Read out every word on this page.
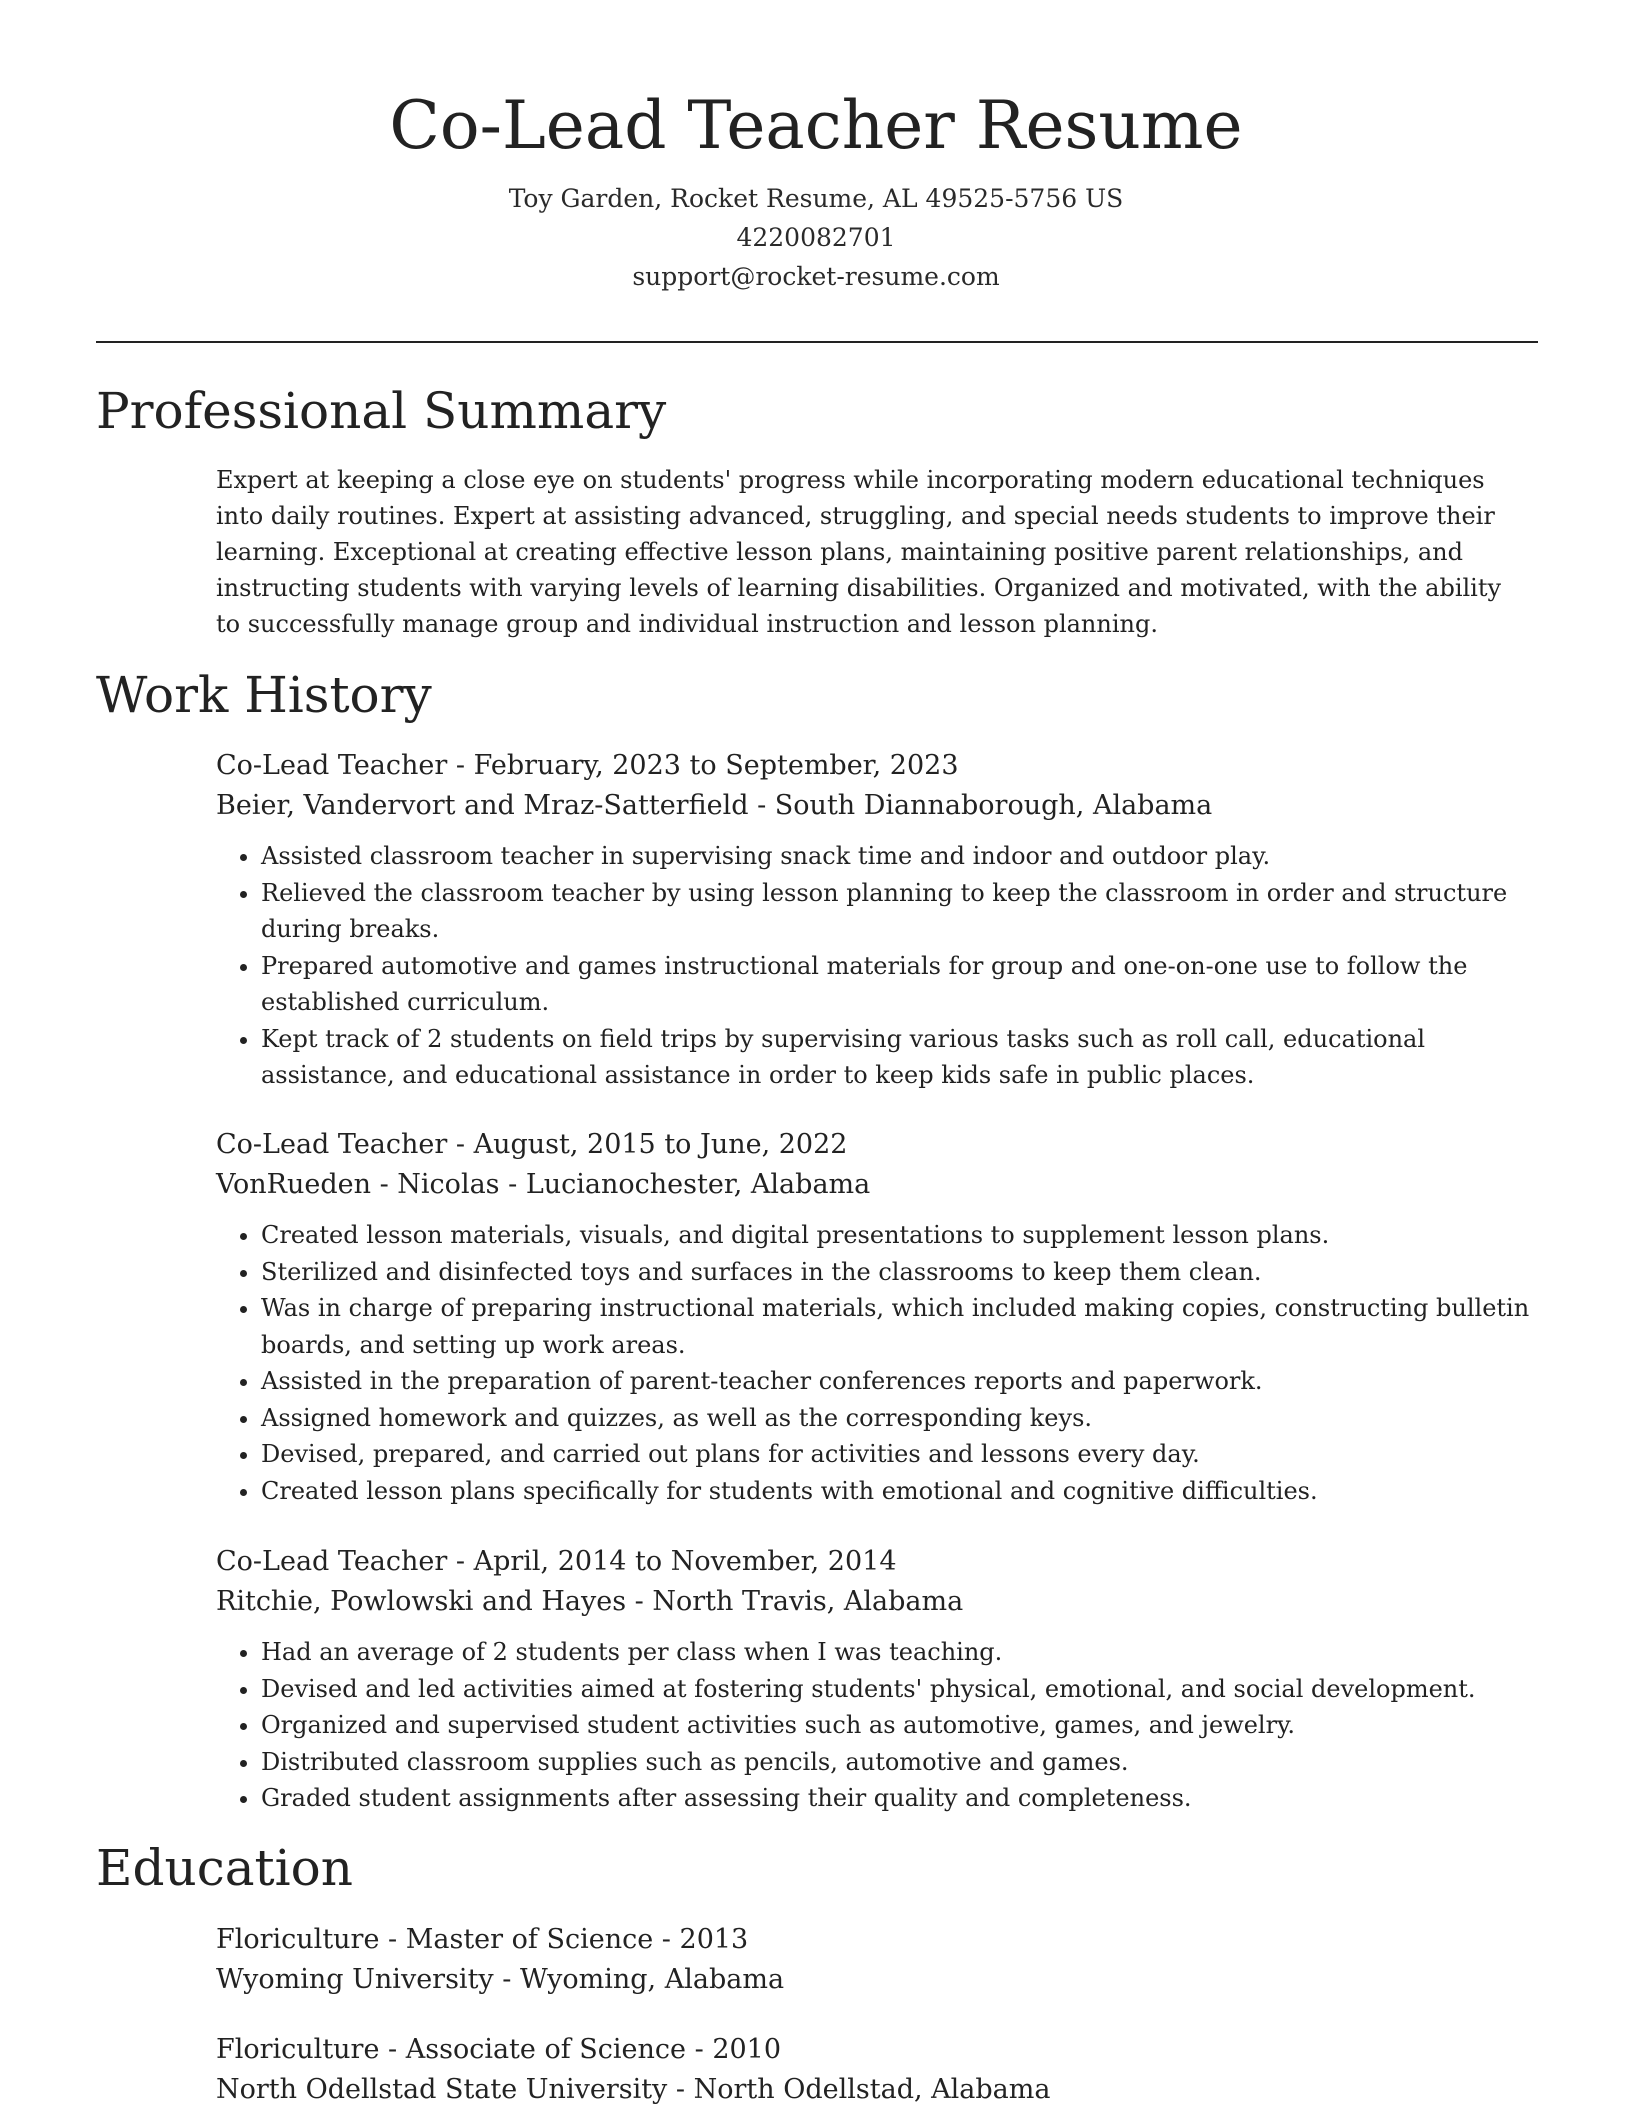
Co-Lead Teacher Resume
Toy Garden, Rocket Resume, AL 49525-5756 US
4220082701
support@rocket-resume.com
Professional Summary
Expert at keeping a close eye on students' progress while incorporating modern educational techniques into daily routines. Expert at assisting advanced, struggling, and special needs students to improve their learning. Exceptional at creating effective lesson plans, maintaining positive parent relationships, and instructing students with varying levels of learning disabilities. Organized and motivated, with the ability to successfully manage group and individual instruction and lesson planning.
Work History
Co-Lead Teacher - February, 2023 to September, 2023
Beier, Vandervort and Mraz-Satterfield - South Diannaborough, Alabama
• Assisted classroom teacher in supervising snack time and indoor and outdoor play.
• Relieved the classroom teacher by using lesson planning to keep the classroom in order and structure during breaks.
• Prepared automotive and games instructional materials for group and one-on-one use to follow the established curriculum.
• Kept track of 2 students on field trips by supervising various tasks such as roll call, educational assistance, and educational assistance in order to keep kids safe in public places.
Co-Lead Teacher - August, 2015 to June, 2022
VonRueden - Nicolas - Lucianochester, Alabama
• Created lesson materials, visuals, and digital presentations to supplement lesson plans.
• Sterilized and disinfected toys and surfaces in the classrooms to keep them clean.
• Was in charge of preparing instructional materials, which included making copies, constructing bulletin boards, and setting up work areas.
• Assisted in the preparation of parent-teacher conferences reports and paperwork.
• Assigned homework and quizzes, as well as the corresponding keys.
• Devised, prepared, and carried out plans for activities and lessons every day.
• Created lesson plans specifically for students with emotional and cognitive difficulties.
Co-Lead Teacher - April, 2014 to November, 2014
Ritchie, Powlowski and Hayes - North Travis, Alabama
• Had an average of 2 students per class when I was teaching.
• Devised and led activities aimed at fostering students' physical, emotional, and social development.
• Organized and supervised student activities such as automotive, games, and jewelry.
• Distributed classroom supplies such as pencils, automotive and games.
• Graded student assignments after assessing their quality and completeness.
Education
Floriculture - Master of Science - 2013
Wyoming University - Wyoming, Alabama
Floriculture - Associate of Science - 2010
North Odellstad State University - North Odellstad, Alabama
